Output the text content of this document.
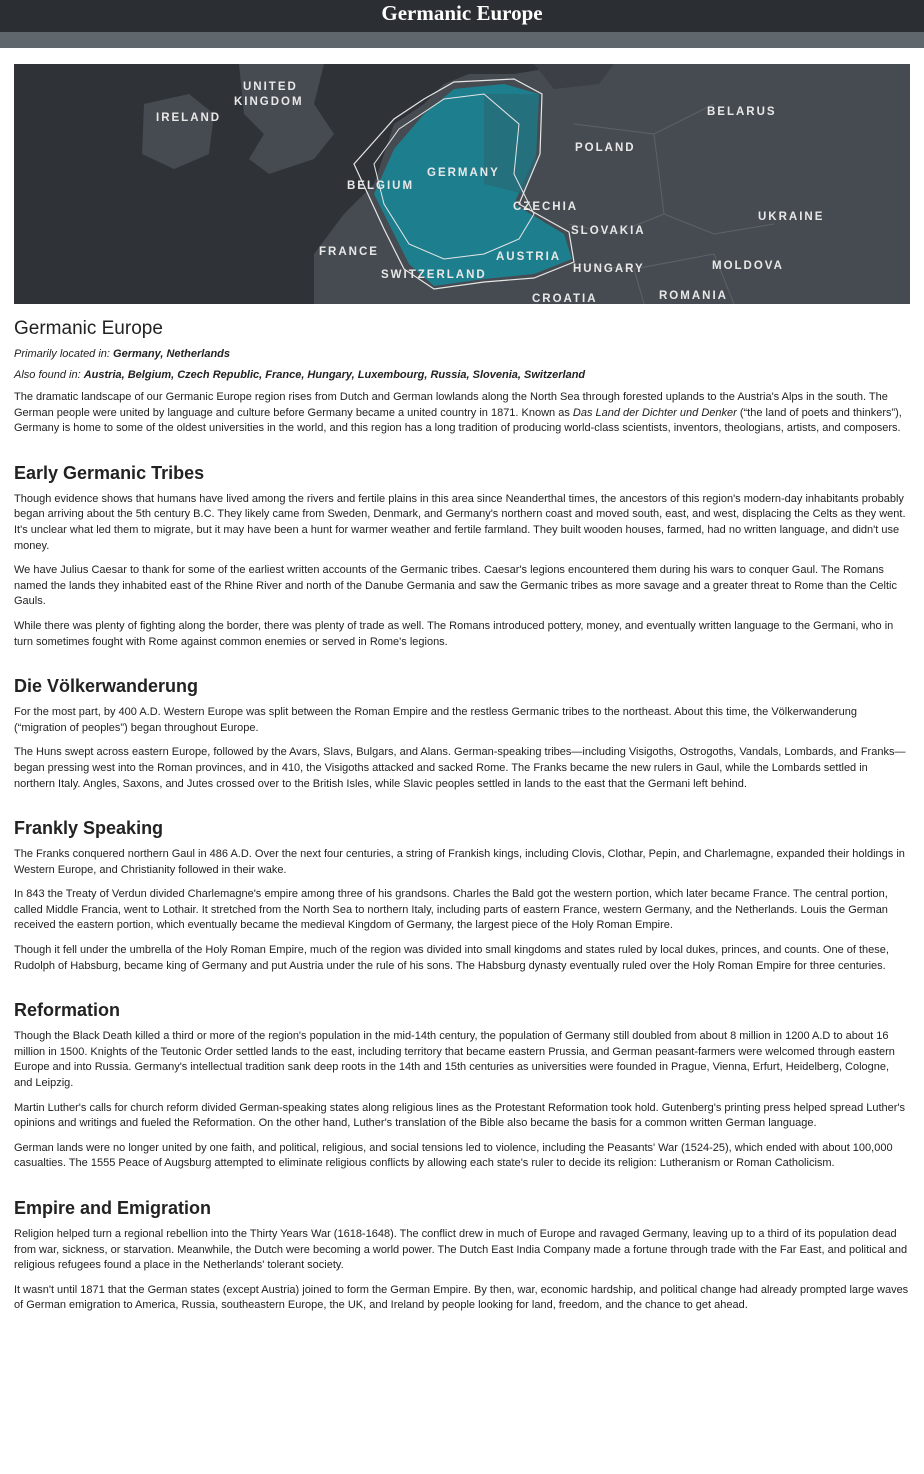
Germanic Europe
UNITED
KINGDOM
IRELAND	BELARUS
POLAND
GERMANY
BELGIUM
CZECHIA
SLOVAKIA
UKRAINE
FRANCE	AUSTRIA
SWITZERLAND	HUNGARY	MOLDOVA
CROATIA	ROMANIA
Germanic Europe
Primarily located in: Germany, Netherlands
Also found in: Austria, Belgium, Czech Republic, France, Hungary, Luxembourg, Russia, Slovenia, Switzerland

The dramatic landscape of our Germanic Europe region rises from Dutch and German lowlands along the North Sea through forested uplands to the Austria's Alps in the south. The German people were united by language and culture before Germany became a united country in 1871. Known as Das Land der Dichter und Denker (“the land of poets and thinkers”), Germany is home to some of the oldest universities in the world, and this region has a long tradition of producing world-class scientists, inventors, theologians, artists, and composers.

Early Germanic Tribes

Though evidence shows that humans have lived among the rivers and fertile plains in this area since Neanderthal times, the ancestors of this region's modern-day inhabitants probably began arriving about the 5th century B.C. They likely came from Sweden, Denmark, and Germany's northern coast and moved south, east, and west, displacing the Celts as they went. It's unclear what led them to migrate, but it may have been a hunt for warmer weather and fertile farmland. They built wooden houses, farmed, had no written language, and didn't use money.

We have Julius Caesar to thank for some of the earliest written accounts of the Germanic tribes. Caesar's legions encountered them during his wars to conquer Gaul. The Romans named the lands they inhabited east of the Rhine River and north of the Danube Germania and saw the Germanic tribes as more savage and a greater threat to Rome than the Celtic Gauls.

While there was plenty of fighting along the border, there was plenty of trade as well. The Romans introduced pottery, money, and eventually written language to the Germani, who in turn sometimes fought with Rome against common enemies or served in Rome's legions.

Die Völkerwanderung

For the most part, by 400 A.D. Western Europe was split between the Roman Empire and the restless Germanic tribes to the northeast. About this time, the Völkerwanderung (“migration of peoples”) began throughout Europe.

The Huns swept across eastern Europe, followed by the Avars, Slavs, Bulgars, and Alans. German-speaking tribes—including Visigoths, Ostrogoths, Vandals, Lombards, and Franks—began pressing west into the Roman provinces, and in 410, the Visigoths attacked and sacked Rome. The Franks became the new rulers in Gaul, while the Lombards settled in northern Italy. Angles, Saxons, and Jutes crossed over to the British Isles, while Slavic peoples settled in lands to the east that the Germani left behind.

Frankly Speaking

The Franks conquered northern Gaul in 486 A.D. Over the next four centuries, a string of Frankish kings, including Clovis, Clothar, Pepin, and Charlemagne, expanded their holdings in Western Europe, and Christianity followed in their wake.

In 843 the Treaty of Verdun divided Charlemagne's empire among three of his grandsons. Charles the Bald got the western portion, which later became France. The central portion, called Middle Francia, went to Lothair. It stretched from the North Sea to northern Italy, including parts of eastern France, western Germany, and the Netherlands. Louis the German received the eastern portion, which eventually became the medieval Kingdom of Germany, the largest piece of the Holy Roman Empire.

Though it fell under the umbrella of the Holy Roman Empire, much of the region was divided into small kingdoms and states ruled by local dukes, princes, and counts. One of these, Rudolph of Habsburg, became king of Germany and put Austria under the rule of his sons. The Habsburg dynasty eventually ruled over the Holy Roman Empire for three centuries.

Reformation

Though the Black Death killed a third or more of the region's population in the mid-14th century, the population of Germany still doubled from about 8 million in 1200 A.D to about 16 million in 1500. Knights of the Teutonic Order settled lands to the east, including territory that became eastern Prussia, and German peasant-farmers were welcomed through eastern Europe and into Russia. Germany's intellectual tradition sank deep roots in the 14th and 15th centuries as universities were founded in Prague, Vienna, Erfurt, Heidelberg, Cologne, and Leipzig.

Martin Luther's calls for church reform divided German-speaking states along religious lines as the Protestant Reformation took hold. Gutenberg's printing press helped spread Luther's opinions and writings and fueled the Reformation. On the other hand, Luther's translation of the Bible also became the basis for a common written German language.

German lands were no longer united by one faith, and political, religious, and social tensions led to violence, including the Peasants' War (1524-25), which ended with about 100,000 casualties. The 1555 Peace of Augsburg attempted to eliminate religious conflicts by allowing each state's ruler to decide its religion: Lutheranism or Roman Catholicism.

Empire and Emigration

Religion helped turn a regional rebellion into the Thirty Years War (1618-1648). The conflict drew in much of Europe and ravaged Germany, leaving up to a third of its population dead from war, sickness, or starvation. Meanwhile, the Dutch were becoming a world power. The Dutch East India Company made a fortune through trade with the Far East, and political and religious refugees found a place in the Netherlands' tolerant society.

It wasn't until 1871 that the German states (except Austria) joined to form the German Empire. By then, war, economic hardship, and political change had already prompted large waves of German emigration to America, Russia, southeastern Europe, the UK, and Ireland by people looking for land, freedom, and the chance to get ahead.
